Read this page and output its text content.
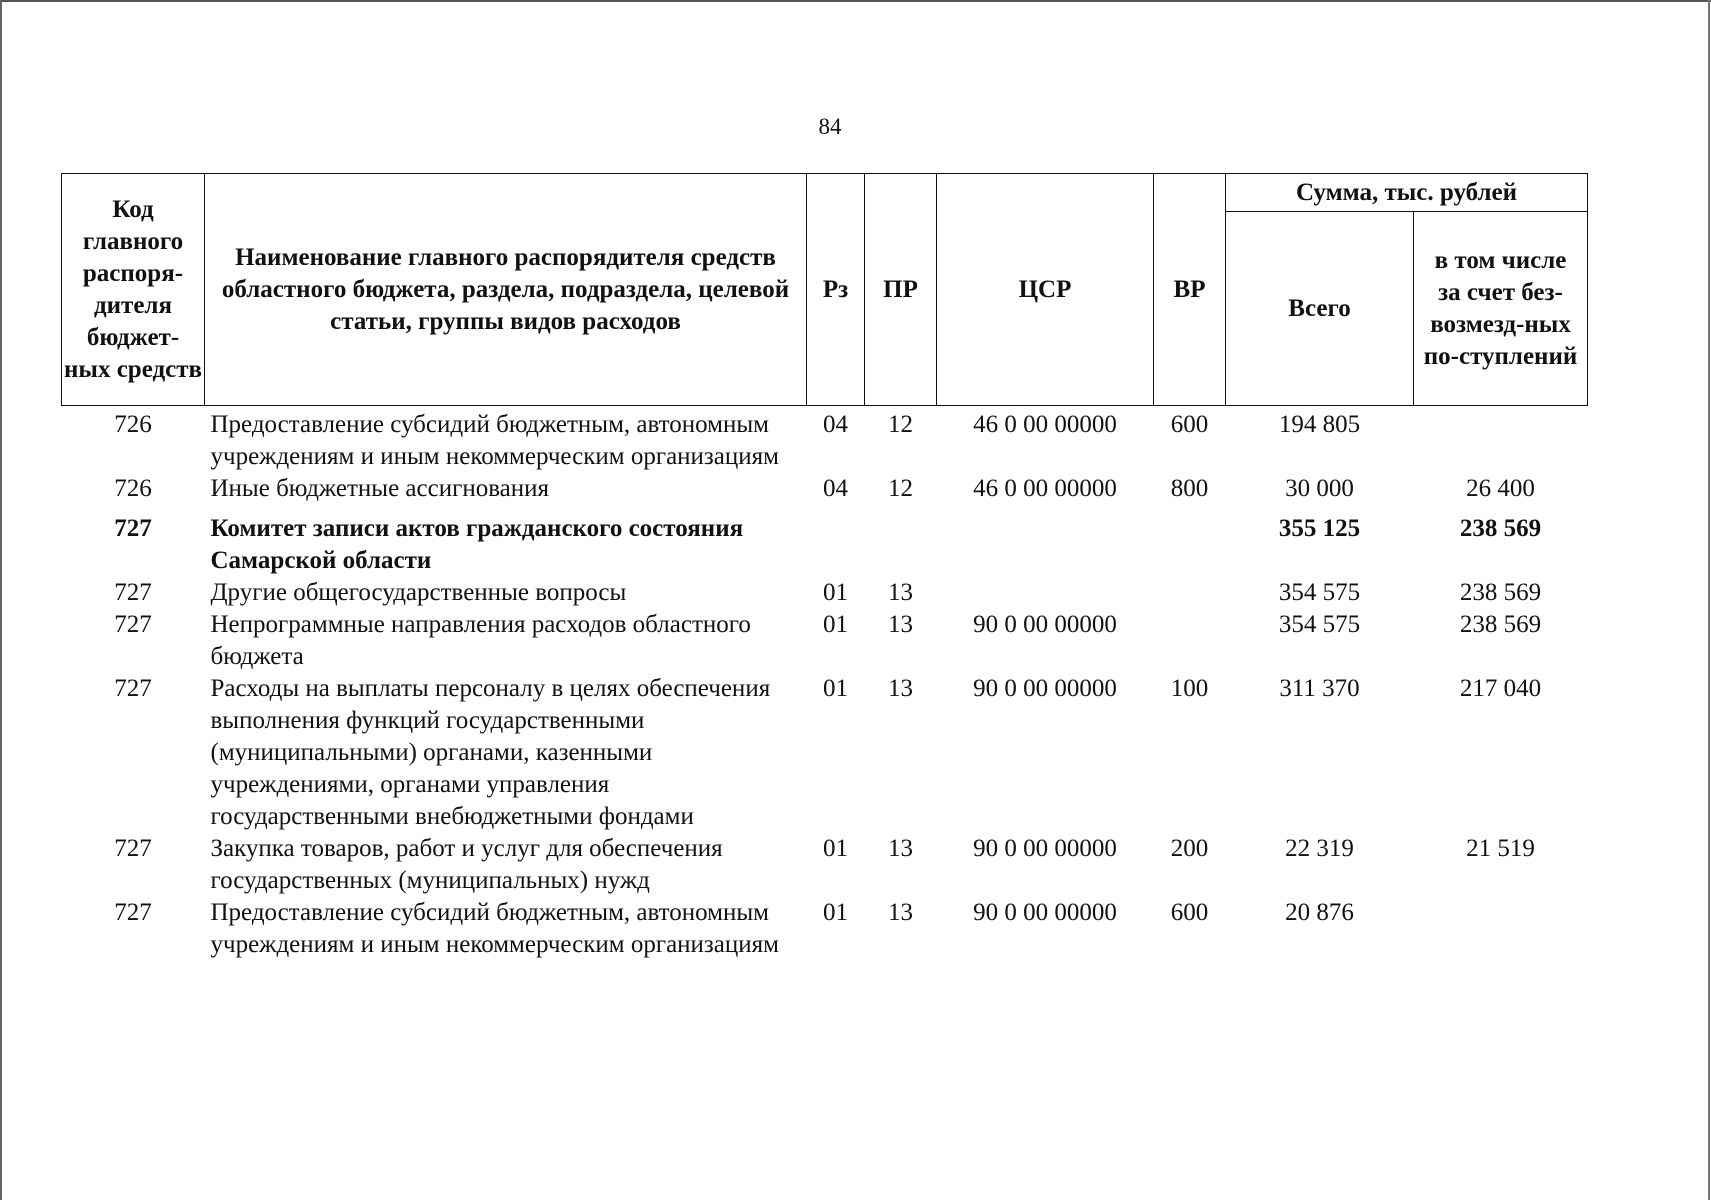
84
Код главного распоря-дителя бюджет-ных средств	Наименование главного распорядителя средств областного бюджета, раздела, подраздела, целевой статьи, группы видов расходов	Рз	ПР	ЦСР	ВР	Сумма, тыс. рублей	
						Всего	в том числе за счет без-возмезд-ных по-ступлений
726	Предоставление субсидий бюджетным, автономным учреждениям и иным некоммерческим организациям	04	12	46 0 00 00000	600	194 805	
726	Иные бюджетные ассигнования	04	12	46 0 00 00000	800	30 000	26 400
727	Комитет записи актов гражданского состояния Самарской области					355 125	238 569
727	Другие общегосударственные вопросы	01	13			354 575	238 569
727	Непрограммные направления расходов областного бюджета	01	13	90 0 00 00000		354 575	238 569
727	Расходы на выплаты персоналу в целях обеспечения выполнения функций государственными (муниципальными) органами, казенными учреждениями, органами управления государственными внебюджетными фондами	01	13	90 0 00 00000	100	311 370	217 040
727	Закупка товаров, работ и услуг для обеспечения государственных (муниципальных) нужд	01	13	90 0 00 00000	200	22 319	21 519
727	Предоставление субсидий бюджетным, автономным учреждениям и иным некоммерческим организациям	01	13	90 0 00 00000	600	20 876	
